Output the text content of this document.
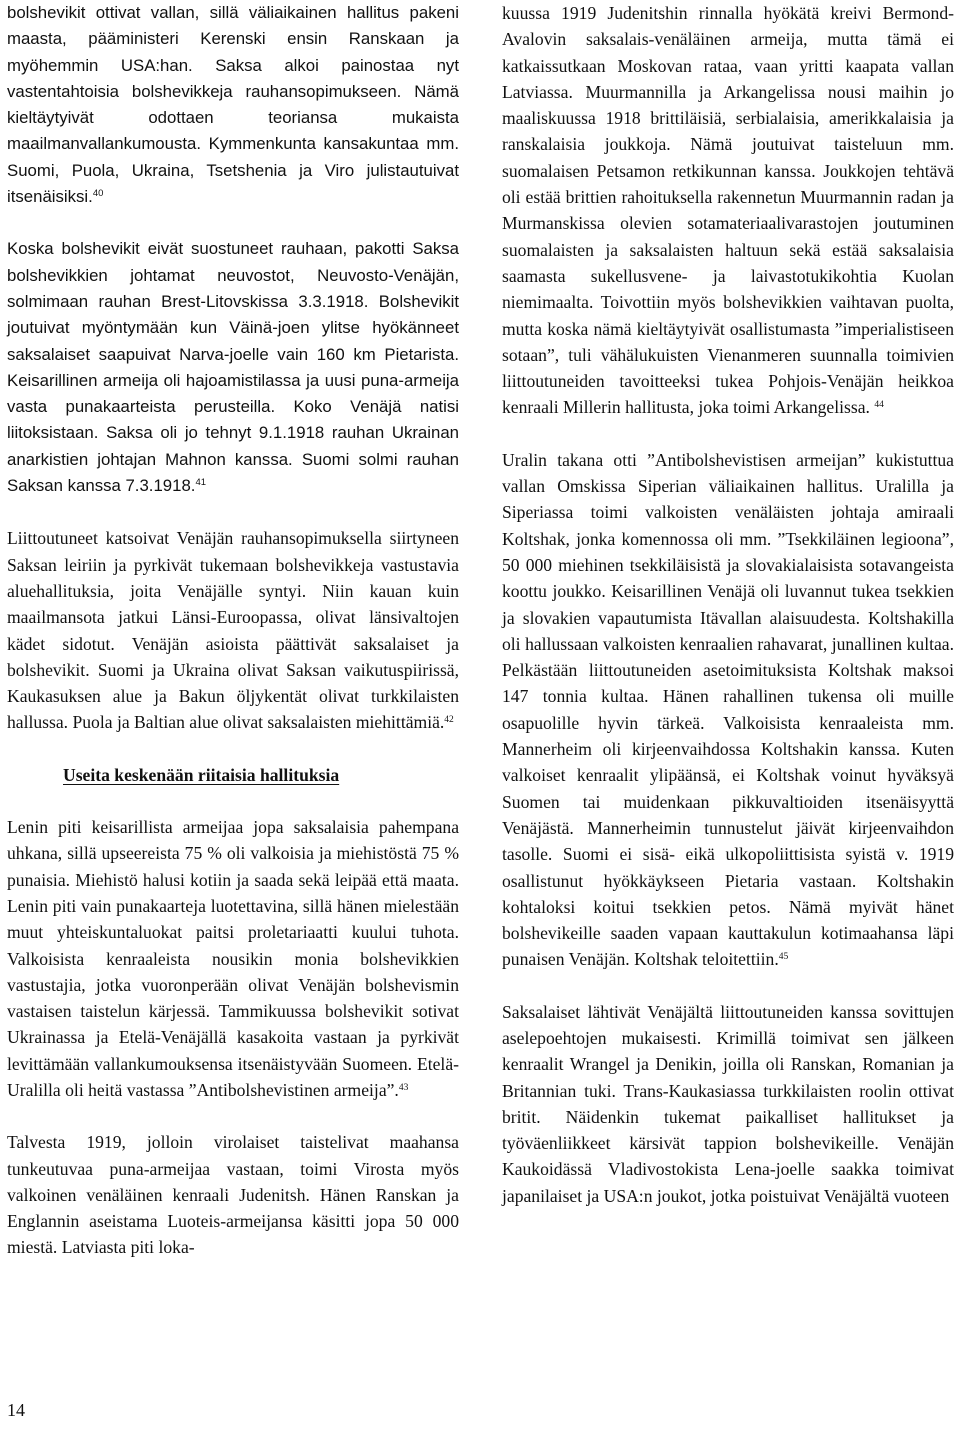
bolshevikit ottivat vallan, sillä väliaikainen hallitus pakeni maasta, pääministeri Kerenski ensin Ranskaan ja myöhemmin USA:han. Saksa alkoi painostaa nyt vastentahtoisia bolshevikkeja rauhansopimukseen. Nämä kieltäytyivät odottaen teoriansa mukaista maailmanvallankumousta. Kymmenkunta kansakuntaa mm. Suomi, Puola, Ukraina, Tsetshenia ja Viro julistautuivat itsenäisiksi.$^{40}$

Koska bolshevikit eivät suostuneet rauhaan, pakotti Saksa bolshevikkien johtamat neuvostot, Neuvosto-Venäjän, solmimaan rauhan Brest-Litovskissa 3.3.1918. Bolshevikit joutuivat myöntymään kun Väinä-joen ylitse hyökänneet saksalaiset saapuivat Narva-joelle vain 160 km Pietarista. Keisarillinen armeija oli hajoamistilassa ja uusi puna-armeija vasta punakaarteista perusteilla. Koko Venäjä natisi liitoksistaan. Saksa oli jo tehnyt 9.1.1918 rauhan Ukrainan anarkistien johtajan Mahnon kanssa. Suomi solmi rauhan Saksan kanssa 7.3.1918.41

Liittoutuneet katsoivat Venäjän rauhansopimuksella siirtyneen Saksan leiriin ja pyrkivät tukemaan bolshevikkeja vastustavia aluehallituksia, joita Venäjälle syntyi. Niin kauan kuin maailmansota jatkui Länsi-Euroopassa, olivat länsivaltojen kädet sidotut. Venäjän asioista päättivät saksalaiset ja bolshevikit. Suomi ja Ukraina olivat Saksan vaikutuspiirissä, Kaukasuksen alue ja Bakun öljykentät olivat turkkilaisten hallussa. Puola ja Baltian alue olivat saksalaisten miehittämiä.$^{42}$

Useita keskenään riitaisia hallituksia

Lenin piti keisarillista armeijaa jopa saksalaisia pahempana uhkana, sillä upseereista 75 % oli valkoisia ja miehistöstä 75 % punaisia. Miehistö halusi kotiin ja saada sekä leipää että maata. Lenin piti vain punakaarteja luotettavina, sillä hänen mielestään muut yhteiskuntaluokat paitsi proletariaatti kuului tuhota. Valkoisista kenraaleista nousikin monia bolshevikkien vastustajia, jotka vuoronperään olivat Venäjän bolshevismin vastaisen taistelun kärjessä. Tammikuussa bolshevikit sotivat Ukrainassa ja Etelä-Venäjällä kasakoita vastaan ja pyrkivät levittämään vallankumouksensa itsenäistyvään Suomeen. Etelä-Uralilla oli heitä vastassa ”Antibolshevistinen armeija”.$^{43}$

Talvesta 1919, jolloin virolaiset taistelivat maahansa tunkeutuvaa puna-armeijaa vastaan, toimi Virosta myös valkoinen venäläinen kenraali Judenitsh. Hänen Ranskan ja Englannin aseistama Luoteis-armeijansa käsitti jopa 50 000 miestä. Latviasta piti loka-

kuussa 1919 Judenitshin rinnalla hyökätä kreivi Bermond-Avalovin saksalais-venäläinen armeija, mutta tämä ei katkaissutkaan Moskovan rataa, vaan yritti kaapata vallan Latviassa. Muurmannilla ja Arkangelissa nousi maihin jo maaliskuussa 1918 brittiläisiä, serbialaisia, amerikkalaisia ja ranskalaisia joukkoja. Nämä joutuivat taisteluun mm. suomalaisen Petsamon retkikunnan kanssa. Joukkojen tehtävä oli estää brittien rahoituksella rakennetun Muurmannin radan ja Murmanskissa olevien sotamateriaalivarastojen joutuminen suomalaisten ja saksalaisten haltuun sekä estää saksalaisia saamasta sukellusvene- ja laivastotukikohtia Kuolan niemimaalta. Toivottiin myös bolshevikkien vaihtavan puolta, mutta koska nämä kieltäytyivät osallistumasta ”imperialistiseen sotaan”, tuli vähälukuisten Vienanmeren suunnalla toimivien liittoutuneiden tavoitteeksi tukea Pohjois-Venäjän heikkoa kenraali Millerin hallitusta, joka toimi Arkangelissa. $^{44}$

Uralin takana otti ”Antibolshevistisen armeijan” kukistuttua vallan Omskissa Siperian väliaikainen hallitus. Uralilla ja Siperiassa toimi valkoisten venäläisten johtaja amiraali Koltshak, jonka komennossa oli mm. ”Tsekkiläinen legioona”, 50 000 miehinen tsekkiläisistä ja slovakialaisista sotavangeista koottu joukko. Keisarillinen Venäjä oli luvannut tukea tsekkien ja slovakien vapautumista Itävallan alaisuudesta. Koltshakilla oli hallussaan valkoisten kenraalien rahavarat, junallinen kultaa. Pelkästään liittoutuneiden asetoimituksista Koltshak maksoi 147 tonnia kultaa. Hänen rahallinen tukensa oli muille osapuolille hyvin tärkeä. Valkoisista kenraaleista mm. Mannerheim oli kirjeenvaihdossa Koltshakin kanssa. Kuten valkoiset kenraalit ylipäänsä, ei Koltshak voinut hyväksyä Suomen tai muidenkaan pikkuvaltioiden itsenäisyyttä Venäjästä. Mannerheimin tunnustelut jäivät kirjeenvaihdon tasolle. Suomi ei sisä- eikä ulkopoliittisista syistä v. 1919 osallistunut hyökkäykseen Pietaria vastaan. Koltshakin kohtaloksi koitui tsekkien petos. Nämä myivät hänet bolshevikeille saaden vapaan kauttakulun kotimaahansa läpi punaisen Venäjän. Koltshak teloitettiin.$^{45}$

Saksalaiset lähtivät Venäjältä liittoutuneiden kanssa sovittujen aselepoehtojen mukaisesti. Krimillä toimivat sen jälkeen kenraalit Wrangel ja Denikin, joilla oli Ranskan, Romanian ja Britannian tuki. Trans-Kaukasiassa turkkilaisten roolin ottivat britit. Näidenkin tukemat paikalliset hallitukset ja työväenliikkeet kärsivät tappion bolshevikeille. Venäjän Kaukoidässä Vladivostokista Lena-joelle saakka toimivat japanilaiset ja USA:n joukot, jotka poistuivat Venäjältä vuoteen

14
